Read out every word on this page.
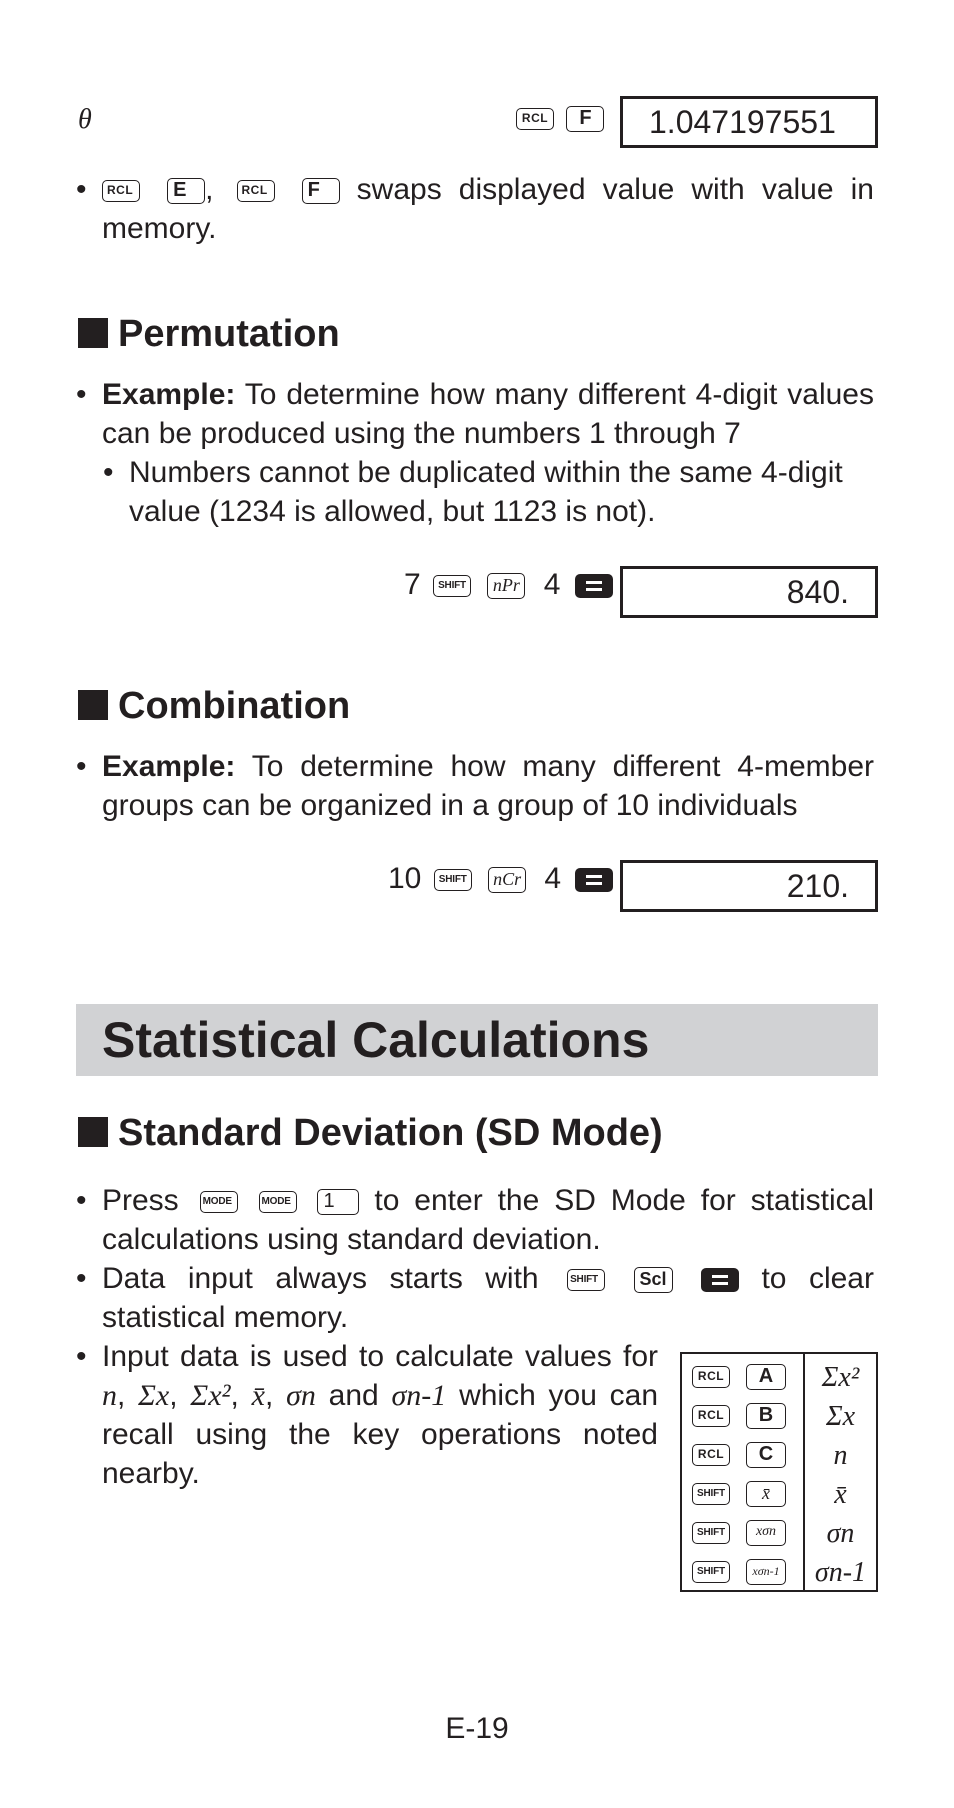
θ	RCL F	1.047197551
• RCL E , RCL F swaps displayed value with value in memory.
Permutation
• Example: To determine how many different 4-digit values can be produced using the numbers 1 through 7
• Numbers cannot be duplicated within the same 4-digit value (1234 is allowed, but 1123 is not).
7 SHIFT nPr 4	840.
Combination
• Example: To determine how many different 4-member groups can be organized in a group of 10 individuals
10 SHIFT nCr 4	210.
Statistical Calculations
Standard Deviation (SD Mode)
• Press MODE	MODE 1 to enter the SD Mode for statistical calculations using standard deviation.
• Data input always starts with	SHIFT Scl	to clear statistical memory.
• Input data is used to calculate values for n, Σx, Σx², x̄, σn and σn-1 which you can recall using the key operations noted nearby.
RCL	A	Σx²
RCL	B	Σx
RCL	C	n
SHIFT	x̄	x̄
SHIFT	xσn	σn
SHIFT	xσn-1	σn-1
E-19
